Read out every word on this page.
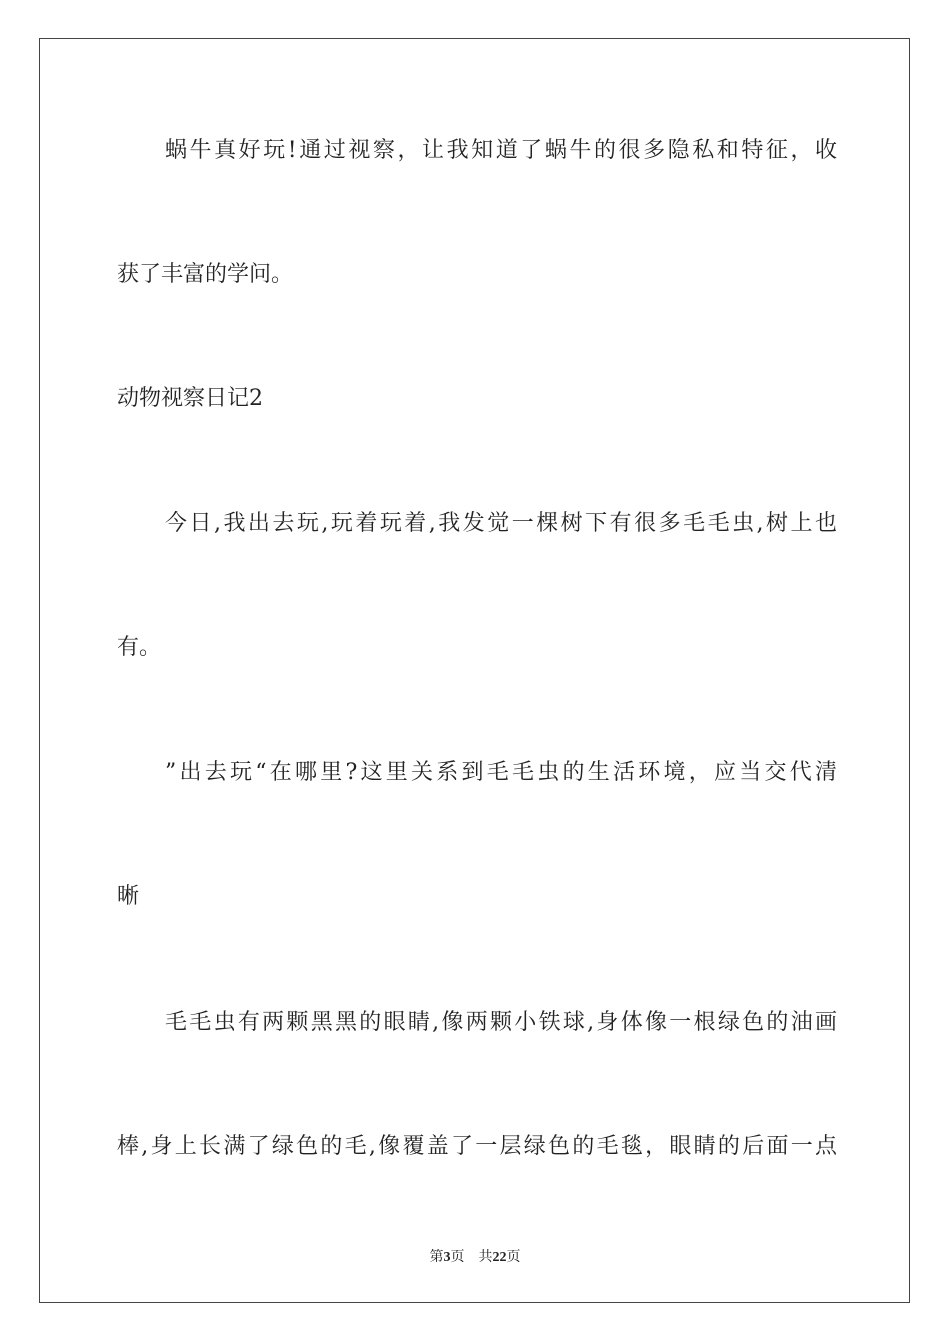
蜗牛真好玩!通过视察，让我知道了蜗牛的很多隐私和特征，收
获了丰富的学问。
动物视察日记2
今日,我出去玩,玩着玩着,我发觉一棵树下有很多毛毛虫,树上也
有。
”出去玩“在哪里?这里关系到毛毛虫的生活环境，应当交代清
晰
毛毛虫有两颗黑黑的眼睛,像两颗小铁球,身体像一根绿色的油画
棒,身上长满了绿色的毛,像覆盖了一层绿色的毛毯，眼睛的后面一点
第3页 共22页
